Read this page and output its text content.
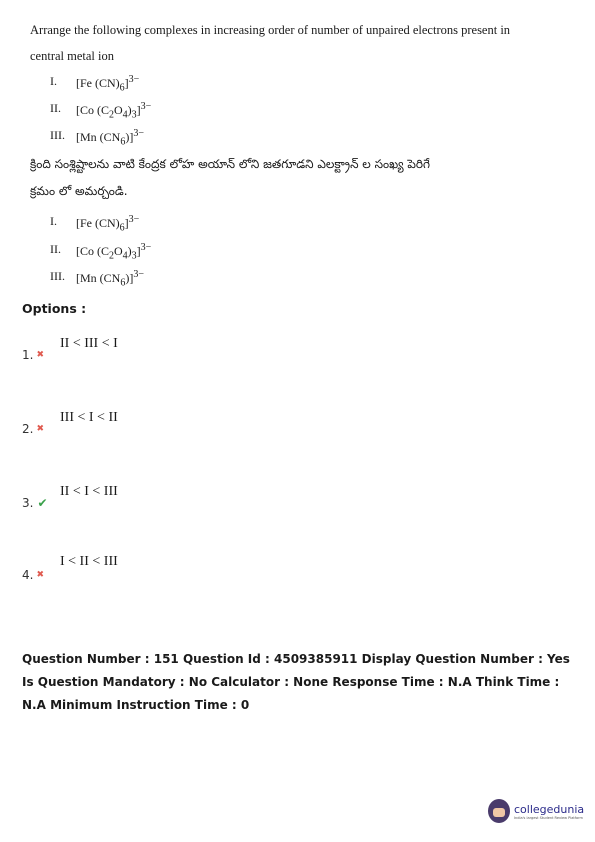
Arrange the following complexes in increasing order of number of unpaired electrons present in
central metal ion
I.	[Fe $(CN)_6]^{3-}$
II.	[Co $(C_2O_4)_3]^{3-}$
III. [Mn $(CN_6)]^{3-}$
క్రింది సంశ్లిష్టాలను వాటి కేంద్రక లోహ అయాన్ లోని జతగూడని ఎలక్ట్రాన్ ల సంఖ్య పెరిగే
క్రమం లో అమర్చండి.
I.	[Fe $(CN)_6]^{3-}$
II.	[Co $(C_2O_4)_3]^{3-}$
III. [Mn $(CN_6)]^{3-}$
Options :
II < III < I
1. ✖
III < I < II
2. ✖
II < I < III
3. ✔
I < II < III
4. ✖
Question Number : 151 Question Id : 4509385911 Display Question Number : Yes Is Question Mandatory : No Calculator : None Response Time : N.A Think Time : N.A Minimum Instruction Time : 0
collegedunia
India's largest Student Review Platform
